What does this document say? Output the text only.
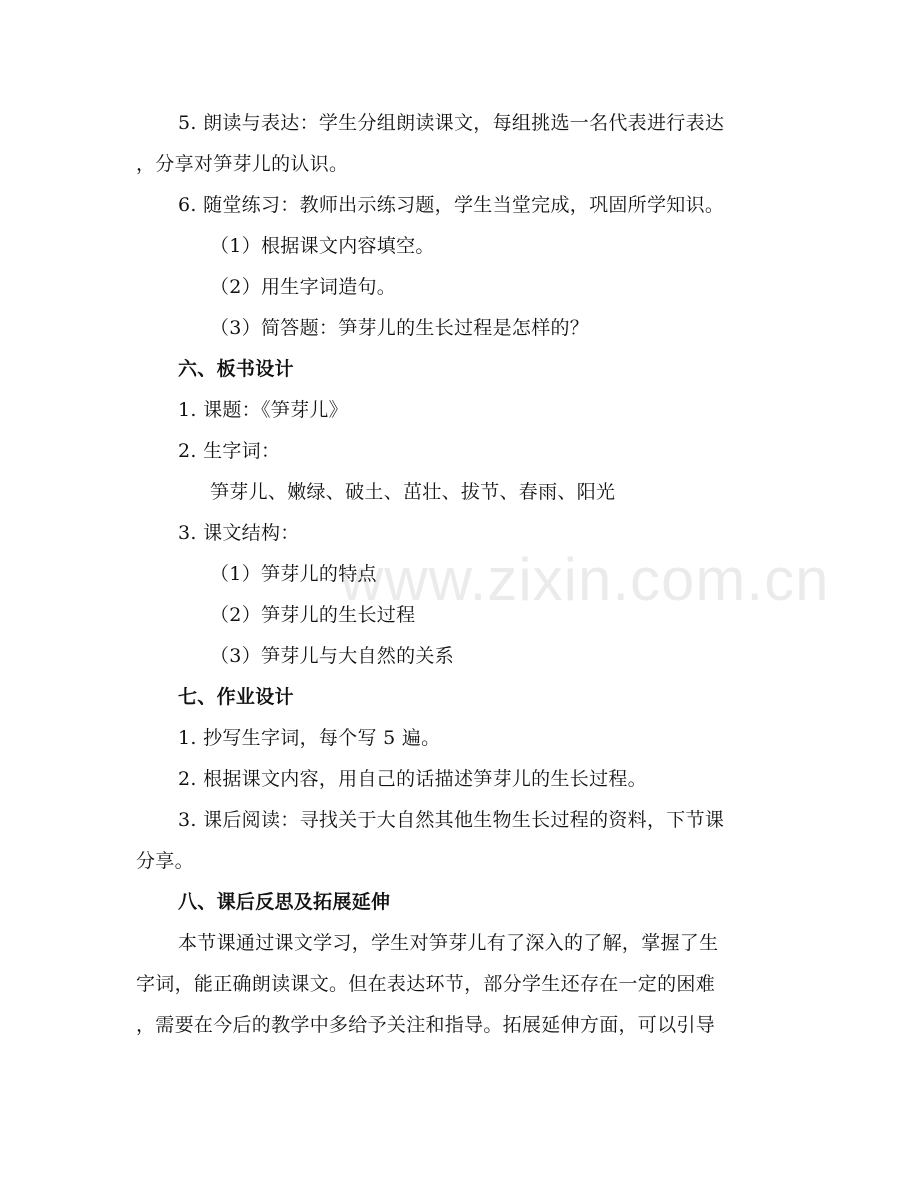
www.zixin.com.cn
5. 朗读与表达：学生分组朗读课文，每组挑选一名代表进行表达
，分享对笋芽儿的认识。
6. 随堂练习：教师出示练习题，学生当堂完成，巩固所学知识。
（1）根据课文内容填空。
（2）用生字词造句。
（3）简答题：笋芽儿的生长过程是怎样的？
六、板书设计
1. 课题：《笋芽儿》
2. 生字词：
笋芽儿、嫩绿、破土、茁壮、拔节、春雨、阳光
3. 课文结构：
（1）笋芽儿的特点
（2）笋芽儿的生长过程
（3）笋芽儿与大自然的关系
七、作业设计
1. 抄写生字词，每个写 5 遍。
2. 根据课文内容，用自己的话描述笋芽儿的生长过程。
3. 课后阅读：寻找关于大自然其他生物生长过程的资料，下节课
分享。
八、课后反思及拓展延伸
本节课通过课文学习，学生对笋芽儿有了深入的了解，掌握了生
字词，能正确朗读课文。但在表达环节，部分学生还存在一定的困难
，需要在今后的教学中多给予关注和指导。拓展延伸方面，可以引导
